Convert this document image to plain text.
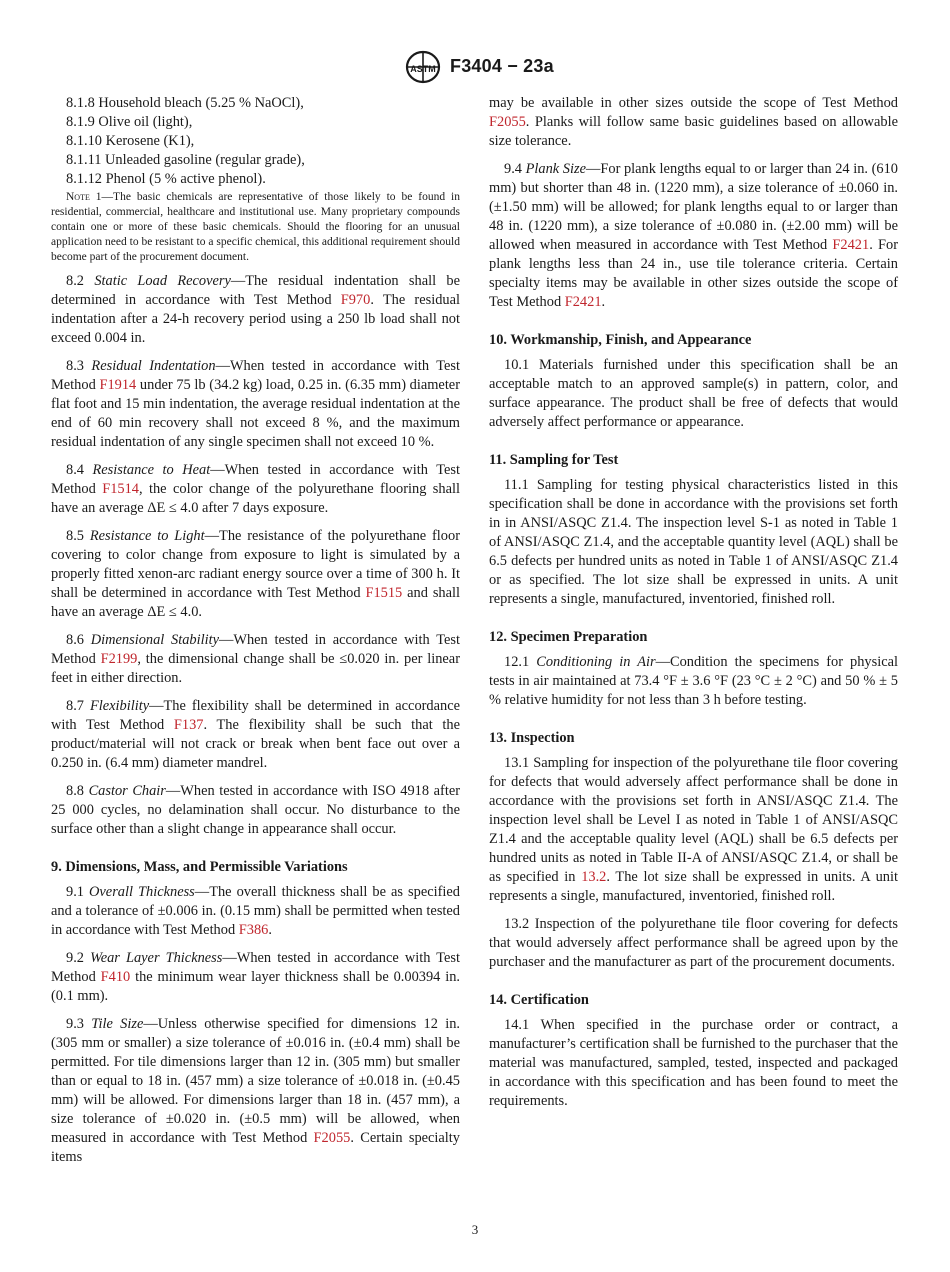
ASTM F3404 − 23a

8.1.8 Household bleach (5.25 % NaOCl),

8.1.9 Olive oil (light),

8.1.10 Kerosene (K1),

8.1.11 Unleaded gasoline (regular grade),

8.1.12 Phenol (5 % active phenol).

Note 1—The basic chemicals are representative of those likely to be found in residential, commercial, healthcare and institutional use. Many proprietary compounds contain one or more of these basic chemicals. Should the flooring for an unusual application need to be resistant to a specific chemical, this additional requirement should become part of the procurement document.

8.2 Static Load Recovery—The residual indentation shall be determined in accordance with Test Method F970. The residual indentation after a 24-h recovery period using a 250 lb load shall not exceed 0.004 in.

8.3 Residual Indentation—When tested in accordance with Test Method F1914 under 75 lb (34.2 kg) load, 0.25 in. (6.35 mm) diameter flat foot and 15 min indentation, the average residual indentation at the end of 60 min recovery shall not exceed 8 %, and the maximum residual indentation of any single specimen shall not exceed 10 %.

8.4 Resistance to Heat—When tested in accordance with Test Method F1514, the color change of the polyurethane flooring shall have an average ΔE ≤ 4.0 after 7 days exposure.

8.5 Resistance to Light—The resistance of the polyurethane floor covering to color change from exposure to light is simulated by a properly fitted xenon-arc radiant energy source over a time of 300 h. It shall be determined in accordance with Test Method F1515 and shall have an average ΔE ≤ 4.0.

8.6 Dimensional Stability—When tested in accordance with Test Method F2199, the dimensional change shall be ≤0.020 in. per linear feet in either direction.

8.7 Flexibility—The flexibility shall be determined in accordance with Test Method F137. The flexibility shall be such that the product/material will not crack or break when bent face out over a 0.250 in. (6.4 mm) diameter mandrel.

8.8 Castor Chair—When tested in accordance with ISO 4918 after 25 000 cycles, no delamination shall occur. No disturbance to the surface other than a slight change in appearance shall occur.

9. Dimensions, Mass, and Permissible Variations

9.1 Overall Thickness—The overall thickness shall be as specified and a tolerance of ±0.006 in. (0.15 mm) shall be permitted when tested in accordance with Test Method F386.

9.2 Wear Layer Thickness—When tested in accordance with Test Method F410 the minimum wear layer thickness shall be 0.00394 in. (0.1 mm).

9.3 Tile Size—Unless otherwise specified for dimensions 12 in. (305 mm or smaller) a size tolerance of ±0.016 in. (±0.4 mm) shall be permitted. For tile dimensions larger than 12 in. (305 mm) but smaller than or equal to 18 in. (457 mm) a size tolerance of ±0.018 in. (±0.45 mm) will be allowed. For dimensions larger than 18 in. (457 mm), a size tolerance of ±0.020 in. (±0.5 mm) will be allowed, when measured in accordance with Test Method F2055. Certain specialty items

may be available in other sizes outside the scope of Test Method F2055. Planks will follow same basic guidelines based on allowable size tolerance.

9.4 Plank Size—For plank lengths equal to or larger than 24 in. (610 mm) but shorter than 48 in. (1220 mm), a size tolerance of ±0.060 in. (±1.50 mm) will be allowed; for plank lengths equal to or larger than 48 in. (1220 mm), a size tolerance of ±0.080 in. (±2.00 mm) will be allowed when measured in accordance with Test Method F2421. For plank lengths less than 24 in., use tile tolerance criteria. Certain specialty items may be available in other sizes outside the scope of Test Method F2421.

10. Workmanship, Finish, and Appearance

10.1 Materials furnished under this specification shall be an acceptable match to an approved sample(s) in pattern, color, and surface appearance. The product shall be free of defects that would adversely affect performance or appearance.

11. Sampling for Test

11.1 Sampling for testing physical characteristics listed in this specification shall be done in accordance with the provisions set forth in in ANSI/ASQC Z1.4. The inspection level S-1 as noted in Table 1 of ANSI/ASQC Z1.4, and the acceptable quantity level (AQL) shall be 6.5 defects per hundred units as noted in Table 1 of ANSI/ASQC Z1.4 or as specified. The lot size shall be expressed in units. A unit represents a single, manufactured, inventoried, finished roll.

12. Specimen Preparation

12.1 Conditioning in Air—Condition the specimens for physical tests in air maintained at 73.4 °F ± 3.6 °F (23 °C ± 2 °C) and 50 % ± 5 % relative humidity for not less than 3 h before testing.

13. Inspection

13.1 Sampling for inspection of the polyurethane tile floor covering for defects that would adversely affect performance shall be done in accordance with the provisions set forth in ANSI/ASQC Z1.4. The inspection level shall be Level I as noted in Table 1 of ANSI/ASQC Z1.4 and the acceptable quality level (AQL) shall be 6.5 defects per hundred units as noted in Table II-A of ANSI/ASQC Z1.4, or shall be as specified in 13.2. The lot size shall be expressed in units. A unit represents a single, manufactured, inventoried, finished roll.

13.2 Inspection of the polyurethane tile floor covering for defects that would adversely affect performance shall be agreed upon by the purchaser and the manufacturer as part of the procurement documents.

14. Certification

14.1 When specified in the purchase order or contract, a manufacturer’s certification shall be furnished to the purchaser that the material was manufactured, sampled, tested, inspected and packaged in accordance with this specification and has been found to meet the requirements.

3
